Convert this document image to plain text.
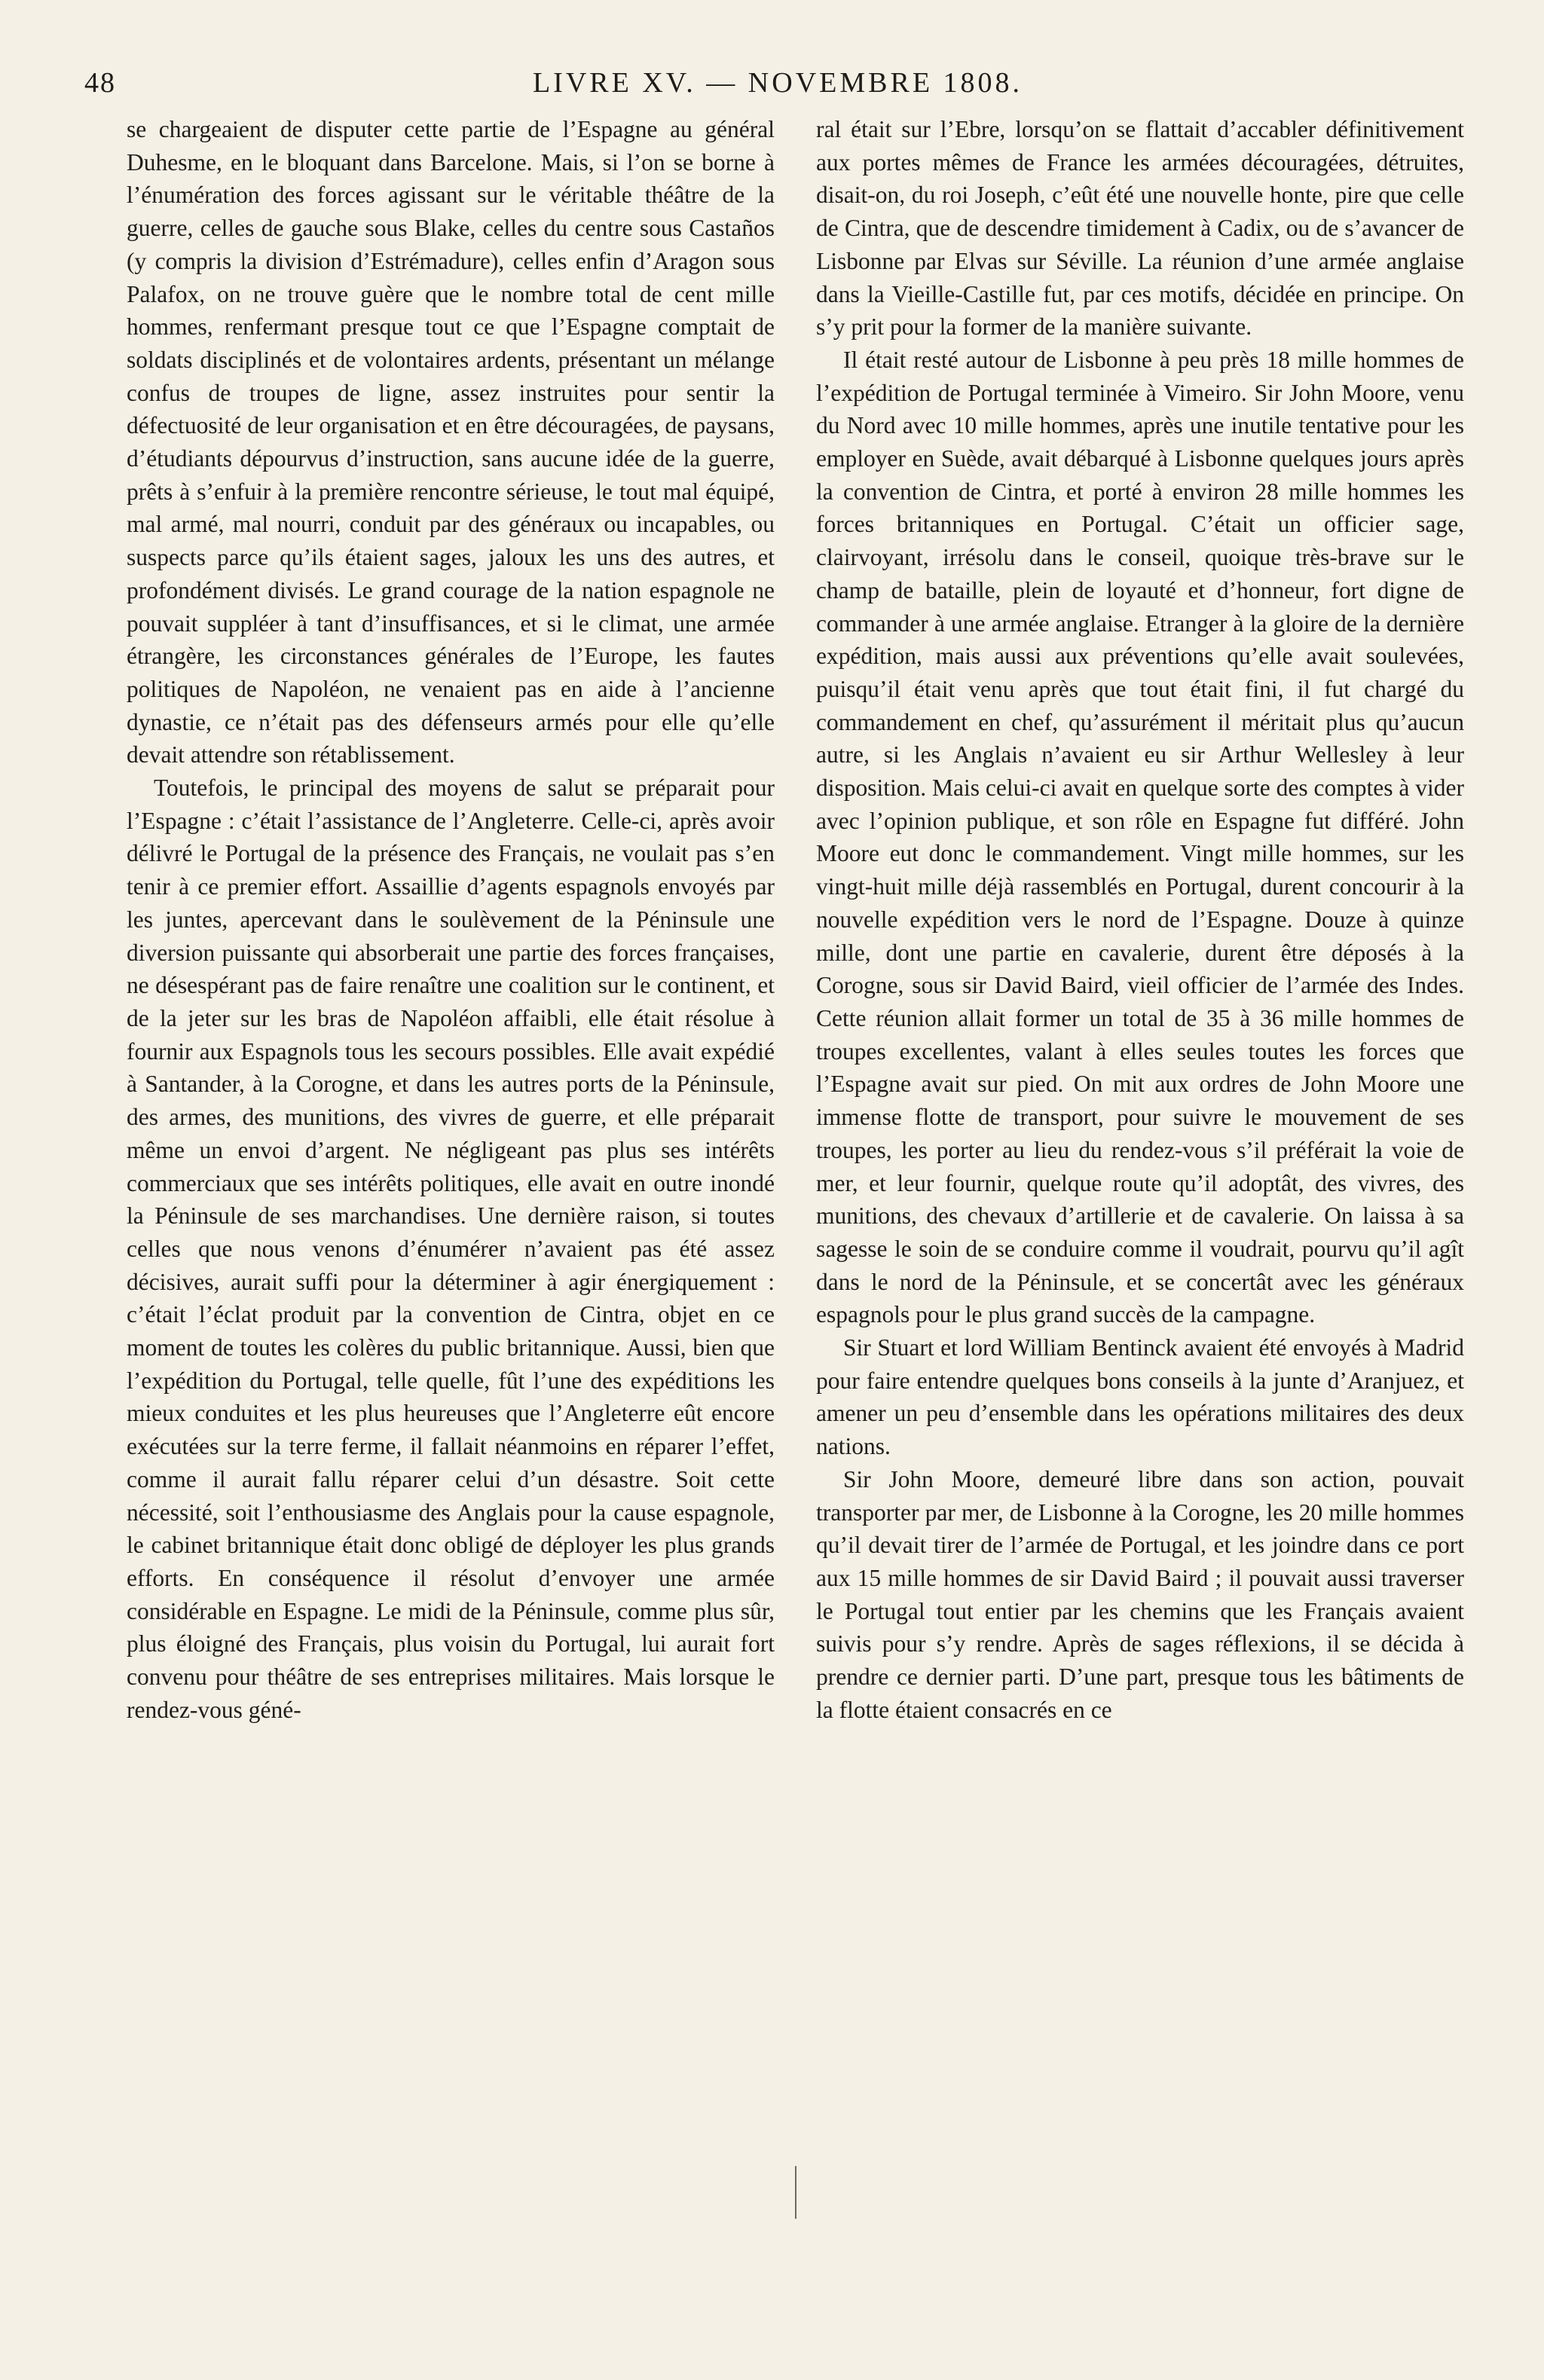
48	LIVRE XV. — NOVEMBRE 1808.

se chargeaient de disputer cette partie de l’Espagne au général Duhesme, en le bloquant dans Barcelone. Mais, si l’on se borne à l’énumération des forces agissant sur le véritable théâtre de la guerre, celles de gauche sous Blake, celles du centre sous Castaños (y compris la division d’Estrémadure), celles enfin d’Aragon sous Palafox, on ne trouve guère que le nombre total de cent mille hommes, renfermant presque tout ce que l’Espagne comptait de soldats disciplinés et de volontaires ardents, présentant un mélange confus de troupes de ligne, assez instruites pour sentir la défectuosité de leur organisation et en être découragées, de paysans, d’étudiants dépourvus d’instruction, sans aucune idée de la guerre, prêts à s’enfuir à la première rencontre sérieuse, le tout mal équipé, mal armé, mal nourri, conduit par des généraux ou incapables, ou suspects parce qu’ils étaient sages, jaloux les uns des autres, et profondément divisés. Le grand courage de la nation espagnole ne pouvait suppléer à tant d’insuffisances, et si le climat, une armée étrangère, les circonstances générales de l’Europe, les fautes politiques de Napoléon, ne venaient pas en aide à l’ancienne dynastie, ce n’était pas des défenseurs armés pour elle qu’elle devait attendre son rétablissement.

Toutefois, le principal des moyens de salut se préparait pour l’Espagne : c’était l’assistance de l’Angleterre. Celle-ci, après avoir délivré le Portugal de la présence des Français, ne voulait pas s’en tenir à ce premier effort. Assaillie d’agents espagnols envoyés par les juntes, apercevant dans le soulèvement de la Péninsule une diversion puissante qui absorberait une partie des forces françaises, ne désespérant pas de faire renaître une coalition sur le continent, et de la jeter sur les bras de Napoléon affaibli, elle était résolue à fournir aux Espagnols tous les secours possibles. Elle avait expédié à Santander, à la Corogne, et dans les autres ports de la Péninsule, des armes, des munitions, des vivres de guerre, et elle préparait même un envoi d’argent. Ne négligeant pas plus ses intérêts commerciaux que ses intérêts politiques, elle avait en outre inondé la Péninsule de ses marchandises. Une dernière raison, si toutes celles que nous venons d’énumérer n’avaient pas été assez décisives, aurait suffi pour la déterminer à agir énergiquement : c’était l’éclat produit par la convention de Cintra, objet en ce moment de toutes les colères du public britannique. Aussi, bien que l’expédition du Portugal, telle quelle, fût l’une des expéditions les mieux conduites et les plus heureuses que l’Angleterre eût encore exécutées sur la terre ferme, il fallait néanmoins en réparer l’effet, comme il aurait fallu réparer celui d’un désastre. Soit cette nécessité, soit l’enthousiasme des Anglais pour la cause espagnole, le cabinet britannique était donc obligé de déployer les plus grands efforts. En conséquence il résolut d’envoyer une armée considérable en Espagne. Le midi de la Péninsule, comme plus sûr, plus éloigné des Français, plus voisin du Portugal, lui aurait fort convenu pour théâtre de ses entreprises militaires. Mais lorsque le rendez-vous géné-

ral était sur l’Ebre, lorsqu’on se flattait d’accabler définitivement aux portes mêmes de France les armées découragées, détruites, disait-on, du roi Joseph, c’eût été une nouvelle honte, pire que celle de Cintra, que de descendre timidement à Cadix, ou de s’avancer de Lisbonne par Elvas sur Séville. La réunion d’une armée anglaise dans la Vieille-Castille fut, par ces motifs, décidée en principe. On s’y prit pour la former de la manière suivante.

Il était resté autour de Lisbonne à peu près 18 mille hommes de l’expédition de Portugal terminée à Vimeiro. Sir John Moore, venu du Nord avec 10 mille hommes, après une inutile tentative pour les employer en Suède, avait débarqué à Lisbonne quelques jours après la convention de Cintra, et porté à environ 28 mille hommes les forces britanniques en Portugal. C’était un officier sage, clairvoyant, irrésolu dans le conseil, quoique très-brave sur le champ de bataille, plein de loyauté et d’honneur, fort digne de commander à une armée anglaise. Etranger à la gloire de la dernière expédition, mais aussi aux préventions qu’elle avait soulevées, puisqu’il était venu après que tout était fini, il fut chargé du commandement en chef, qu’assurément il méritait plus qu’aucun autre, si les Anglais n’avaient eu sir Arthur Wellesley à leur disposition. Mais celui-ci avait en quelque sorte des comptes à vider avec l’opinion publique, et son rôle en Espagne fut différé. John Moore eut donc le commandement. Vingt mille hommes, sur les vingt-huit mille déjà rassemblés en Portugal, durent concourir à la nouvelle expédition vers le nord de l’Espagne. Douze à quinze mille, dont une partie en cavalerie, durent être déposés à la Corogne, sous sir David Baird, vieil officier de l’armée des Indes. Cette réunion allait former un total de 35 à 36 mille hommes de troupes excellentes, valant à elles seules toutes les forces que l’Espagne avait sur pied. On mit aux ordres de John Moore une immense flotte de transport, pour suivre le mouvement de ses troupes, les porter au lieu du rendez-vous s’il préférait la voie de mer, et leur fournir, quelque route qu’il adoptât, des vivres, des munitions, des chevaux d’artillerie et de cavalerie. On laissa à sa sagesse le soin de se conduire comme il voudrait, pourvu qu’il agît dans le nord de la Péninsule, et se concertât avec les généraux espagnols pour le plus grand succès de la campagne.

Sir Stuart et lord William Bentinck avaient été envoyés à Madrid pour faire entendre quelques bons conseils à la junte d’Aranjuez, et amener un peu d’ensemble dans les opérations militaires des deux nations.

Sir John Moore, demeuré libre dans son action, pouvait transporter par mer, de Lisbonne à la Corogne, les 20 mille hommes qu’il devait tirer de l’armée de Portugal, et les joindre dans ce port aux 15 mille hommes de sir David Baird ; il pouvait aussi traverser le Portugal tout entier par les chemins que les Français avaient suivis pour s’y rendre. Après de sages réflexions, il se décida à prendre ce dernier parti. D’une part, presque tous les bâtiments de la flotte étaient consacrés en ce
